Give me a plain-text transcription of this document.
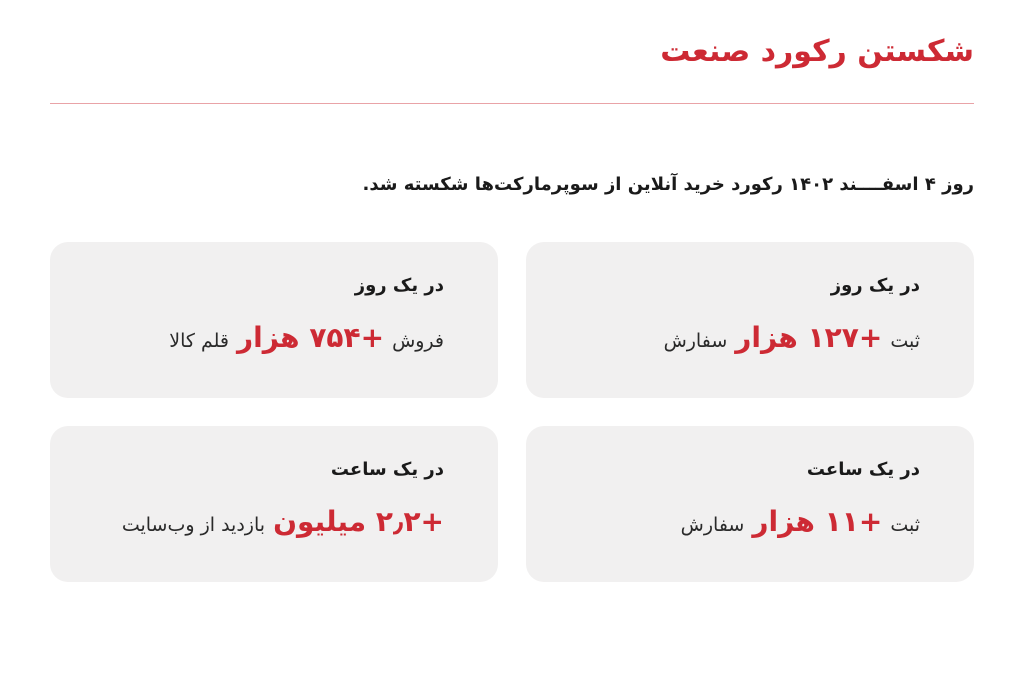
شکستن رکورد صنعت

روز ۴ اسفــــند ۱۴۰۲ رکورد خرید آنلاین از سوپرمارکت‌ها شکسته شد.

در یک روز
ثبت
+۱۲۷ هزار
سفارش
در یک روز
فروش
+۷۵۴ هزار
قلم کالا
در یک ساعت
ثبت
+۱۱ هزار
سفارش
در یک ساعت
+۲٫۲ میلیون
بازدید از وب‌سایت
